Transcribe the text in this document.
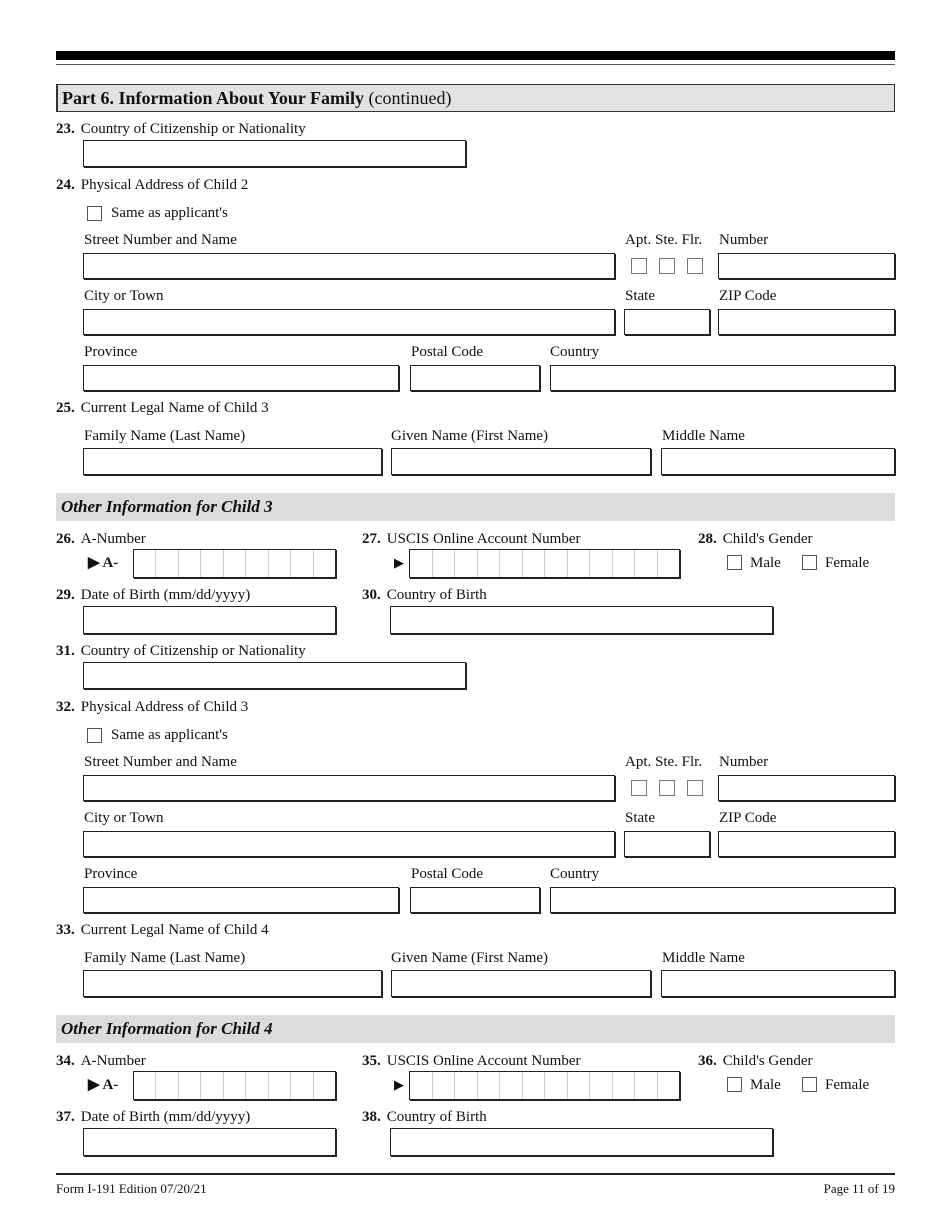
Part 6. Information About Your Family (continued)
23. Country of Citizenship or Nationality
24. Physical Address of Child 2
Same as applicant's
Street Number and Name	Apt. Ste. Flr. Number
City or Town	State	ZIP Code
Province	Postal Code	Country
25. Current Legal Name of Child 3
Family Name (Last Name)	Given Name (First Name)	Middle Name
Other Information for Child 3
26. A-Number	27. USCIS Online Account Number	28. Child's Gender
▶ A-	▶	Male	Female
29. Date of Birth (mm/dd/yyyy)	30. Country of Birth
31. Country of Citizenship or Nationality
32. Physical Address of Child 3
Same as applicant's
Street Number and Name	Apt. Ste. Flr. Number
City or Town	State	ZIP Code
Province	Postal Code	Country
33. Current Legal Name of Child 4
Family Name (Last Name)	Given Name (First Name)	Middle Name
Other Information for Child 4
34. A-Number	35. USCIS Online Account Number	36. Child's Gender
▶ A-	▶	Male	Female
37. Date of Birth (mm/dd/yyyy)	38. Country of Birth
Form I-191 Edition 07/20/21	Page 11 of 19
